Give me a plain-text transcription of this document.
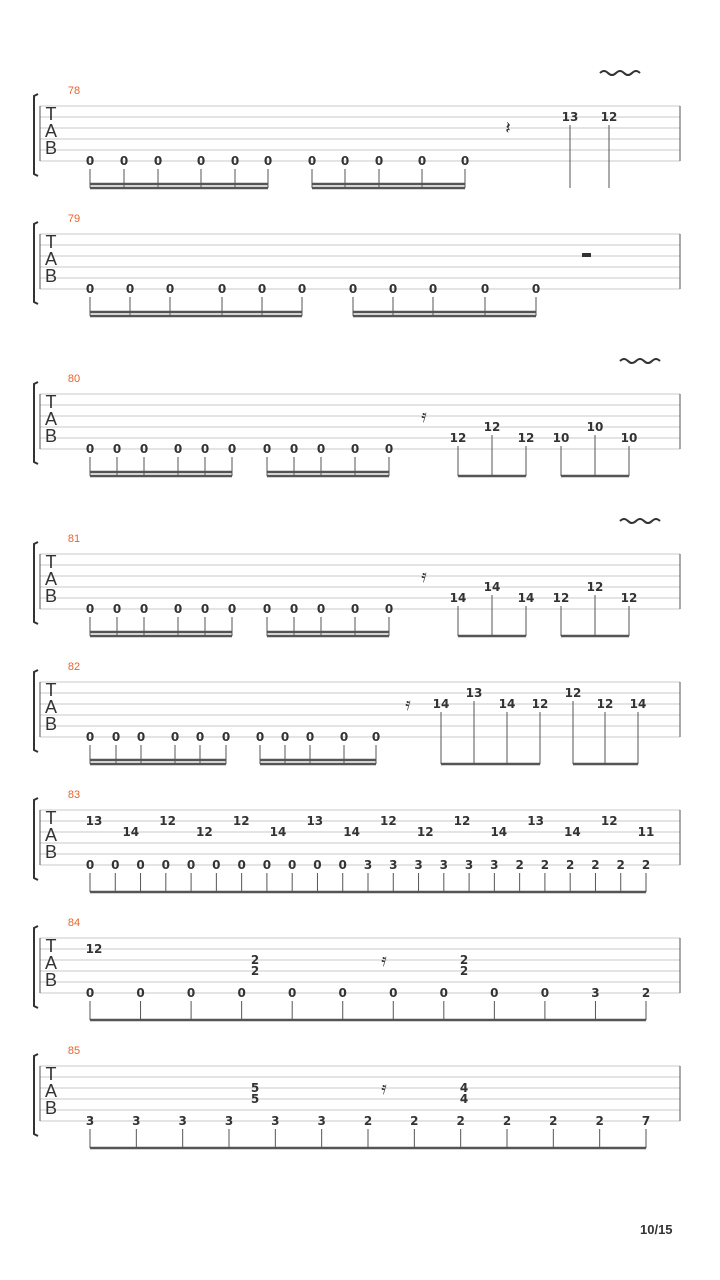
78
T
A
B
0 0 0	0 0 0	0 0 0	0	0
13 12
𝄽
79
T
A
B
0	0	0	0	0	0	0	0	0	0	0
80
T
A
B
0 0 0 0 0 0 0 0 0 0 0
12
12
12 10
10
10
𝄿
81
T
A
B
0 0 0 0 0 0 0 0 0 0 0
14
14
14 12
12
12
𝄿
82
T
A
B
0 0 0 0 0 0 0 0 0 0 0
14
13
14 12
12
12 14
𝄿
83
T
A
B
0 0 0 0 0 0 0 0 0 0 0 3 3 3 3 3 3 2 2 2 2 2 2
13
14
12
12
12
14
13
14
12
12
12
14
13
14
12
11
84
T
A
B
0	0	0	0	0	0	0	0	0	0	3	2
12
2
2
2
2
𝄿
85
T
A
B
3	3	3	3	3	3	2	2	2	2	2	2	7
5
5
4
4
𝄿
10/15
